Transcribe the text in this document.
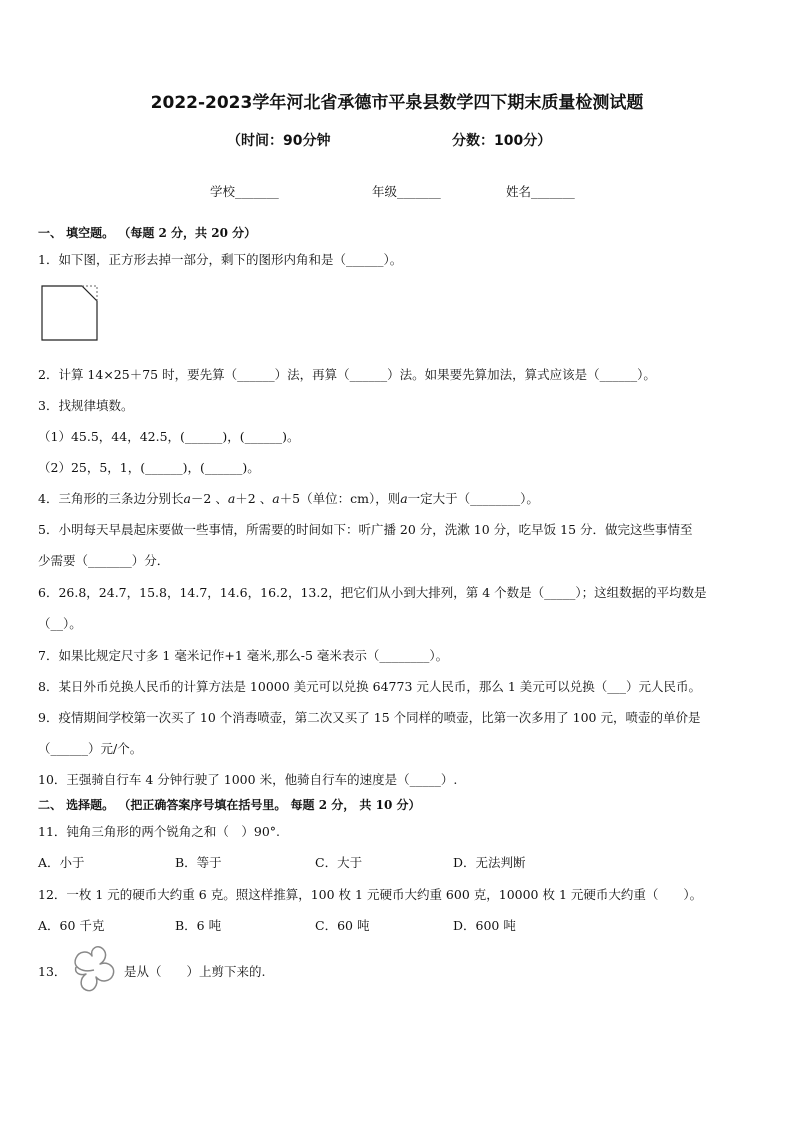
2022-2023学年河北省承德市平泉县数学四下期末质量检测试题
（时间：90分钟	分数：100分）
学校_______	年级_______	姓名_______
一、 填空题。 （每题 2 分，共 20 分）
1．如下图，正方形去掉一部分，剩下的图形内角和是（______）。
2．计算 14×25＋75 时，要先算（______）法，再算（______）法。如果要先算加法，算式应该是（______）。
3．找规律填数。
（1）45.5，44，42.5，(______)，(______)。
（2）25，5，1，(______)，(______)。
4．三角形的三条边分别长𝑎－2 、𝑎＋2 、𝑎＋5（单位：cm），则𝑎一定大于（________）。
5．小明每天早晨起床要做一些事情，所需要的时间如下：听广播 20 分，洗漱 10 分，吃早饭 15 分．做完这些事情至
少需要（_______）分．
6．26.8，24.7，15.8，14.7，14.6，16.2，13.2，把它们从小到大排列，第 4 个数是（_____）；这组数据的平均数是
（__）。
7．如果比规定尺寸多 1 毫米记作+1 毫米,那么-5 毫米表示（________）。
8．某日外币兑换人民币的计算方法是 10000 美元可以兑换 64773 元人民币，那么 1 美元可以兑换（___）元人民币。
9．疫情期间学校第一次买了 10 个消毒喷壶，第二次又买了 15 个同样的喷壶，比第一次多用了 100 元，喷壶的单价是
（______）元/个。
10．王强骑自行车 4 分钟行驶了 1000 米，他骑自行车的速度是（_____）.
二、 选择题。 （把正确答案序号填在括号里。 每题 2 分， 共 10 分）
11．钝角三角形的两个锐角之和（　）90°.
A．小于	B．等于	C．大于	D．无法判断
12．一枚 1 元的硬币大约重 6 克。照这样推算，100 枚 1 元硬币大约重 600 克，10000 枚 1 元硬币大约重（　　）。
A．60 千克	B．6 吨	C．60 吨	D．600 吨
13．	是从（　　）上剪下来的.
